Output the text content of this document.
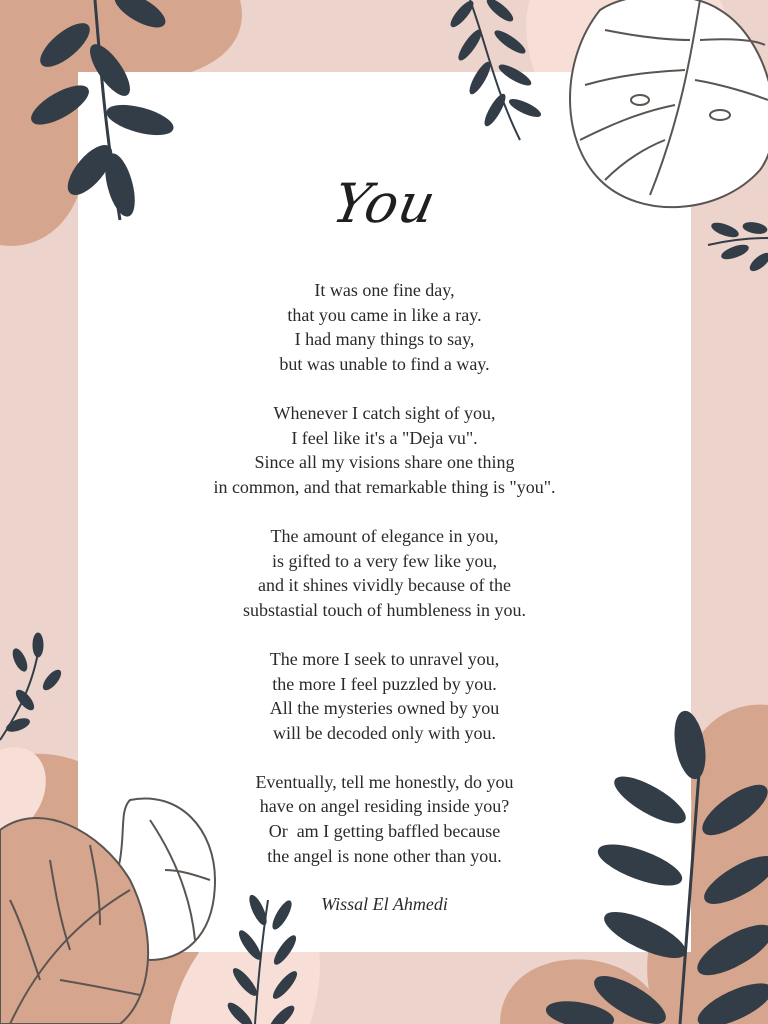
You
It was one fine day,
that you came in like a ray.
I had many things to say,
but was unable to find a way.
Whenever I catch sight of you,
I feel like it's a "Deja vu".
Since all my visions share one thing
in common, and that remarkable thing is "you".
The amount of elegance in you,
is gifted to a very few like you,
and it shines vividly because of the
substastial touch of humbleness in you.
The more I seek to unravel you,
the more I feel puzzled by you.
All the mysteries owned by you
will be decoded only with you.
Eventually, tell me honestly, do you
have on angel residing inside you?
Or  am I getting baffled because
the angel is none other than you.
Wissal El Ahmedi
